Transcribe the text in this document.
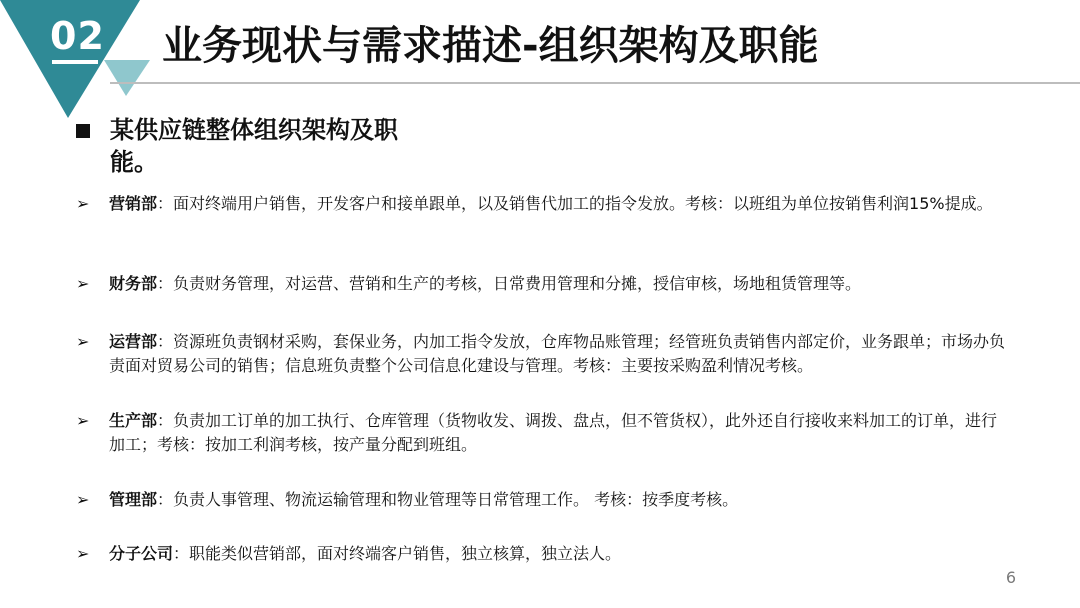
02 业务现状与需求描述-组织架构及职能
某供应链整体组织架构及职能。
➢ 营销部：面对终端用户销售，开发客户和接单跟单，以及销售代加工的指令发放。考核：以班组为单位按销售利润15%提成。
➢ 财务部：负责财务管理，对运营、营销和生产的考核，日常费用管理和分摊，授信审核，场地租赁管理等。
➢ 运营部：资源班负责钢材采购，套保业务，内加工指令发放，仓库物品账管理；经管班负责销售内部定价，业务跟单；市场办负责面对贸易公司的销售；信息班负责整个公司信息化建设与管理。考核：主要按采购盈利情况考核。
➢ 生产部：负责加工订单的加工执行、仓库管理（货物收发、调拨、盘点，但不管货权），此外还自行接收来料加工的订单，进行加工；考核：按加工利润考核，按产量分配到班组。
➢ 管理部：负责人事管理、物流运输管理和物业管理等日常管理工作。 考核：按季度考核。
➢ 分子公司：职能类似营销部，面对终端客户销售，独立核算，独立法人。
6
